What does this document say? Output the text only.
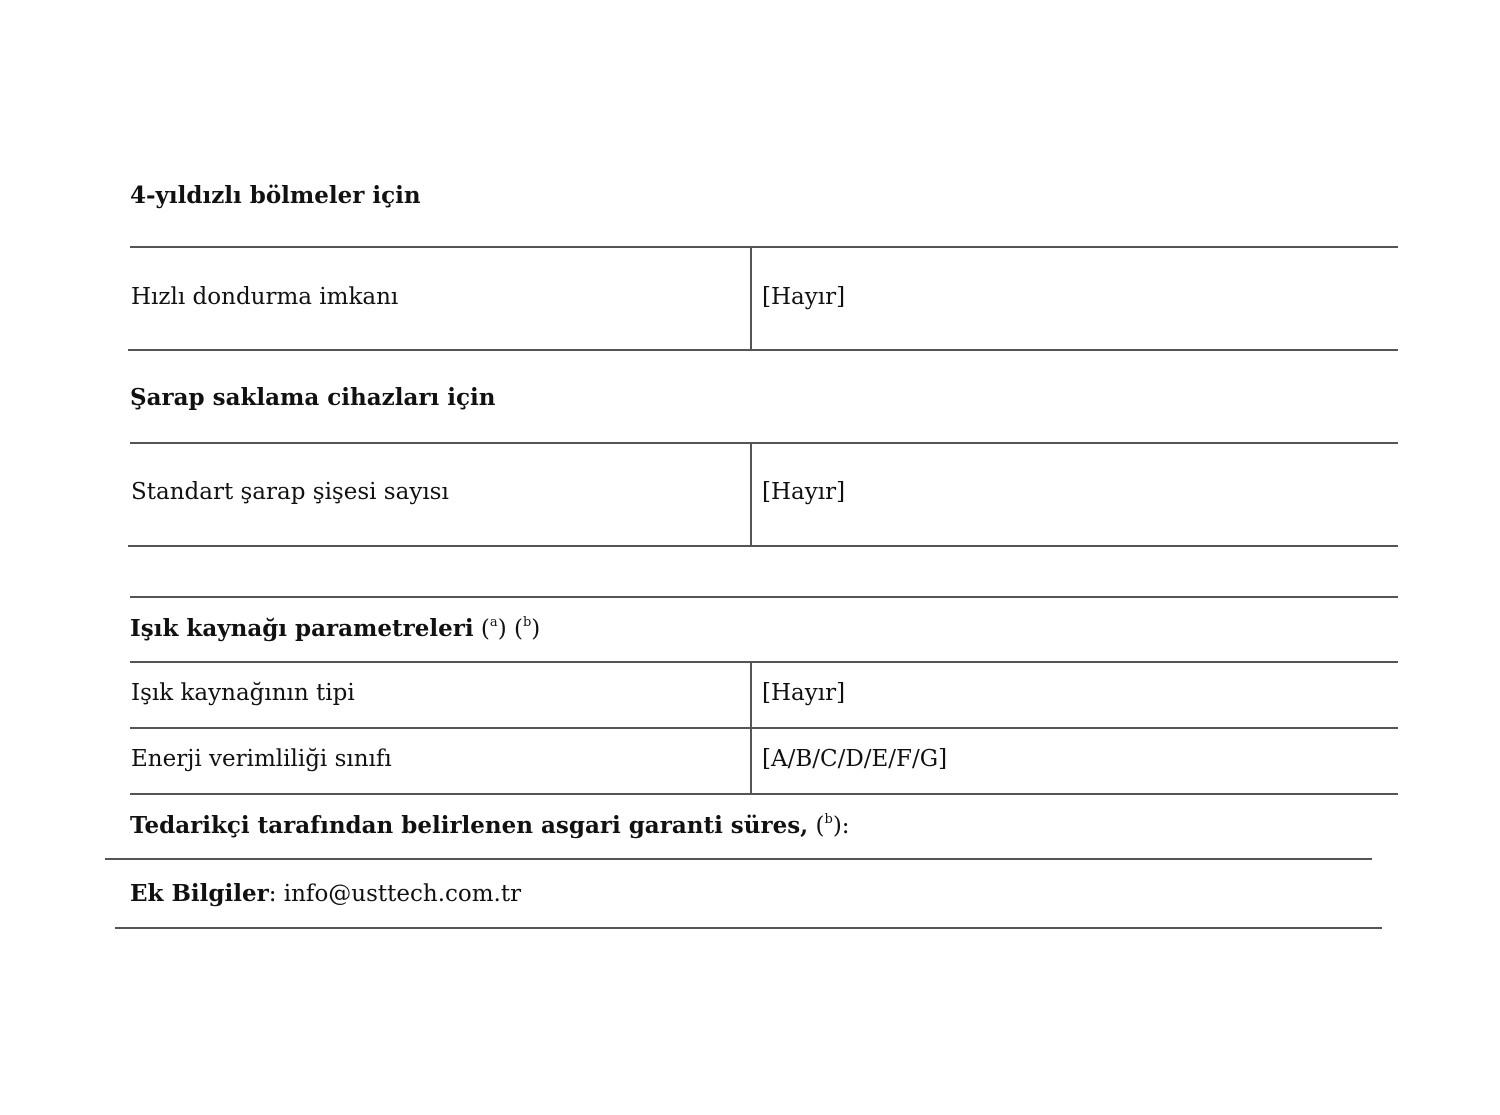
4-yıldızlı bölmeler için
Hızlı dondurma imkanı	[Hayır]
Şarap saklama cihazları için
Standart şarap şişesi sayısı	[Hayır]
Işık kaynağı parametreleri ($^a$) ($^b$)
Işık kaynağının tipi	[Hayır]
Enerji verimliliği sınıfı	[A/B/C/D/E/F/G]
Tedarikçi tarafından belirlenen asgari garanti süres, ($^b$):
Ek Bilgiler: info@usttech.com.tr
